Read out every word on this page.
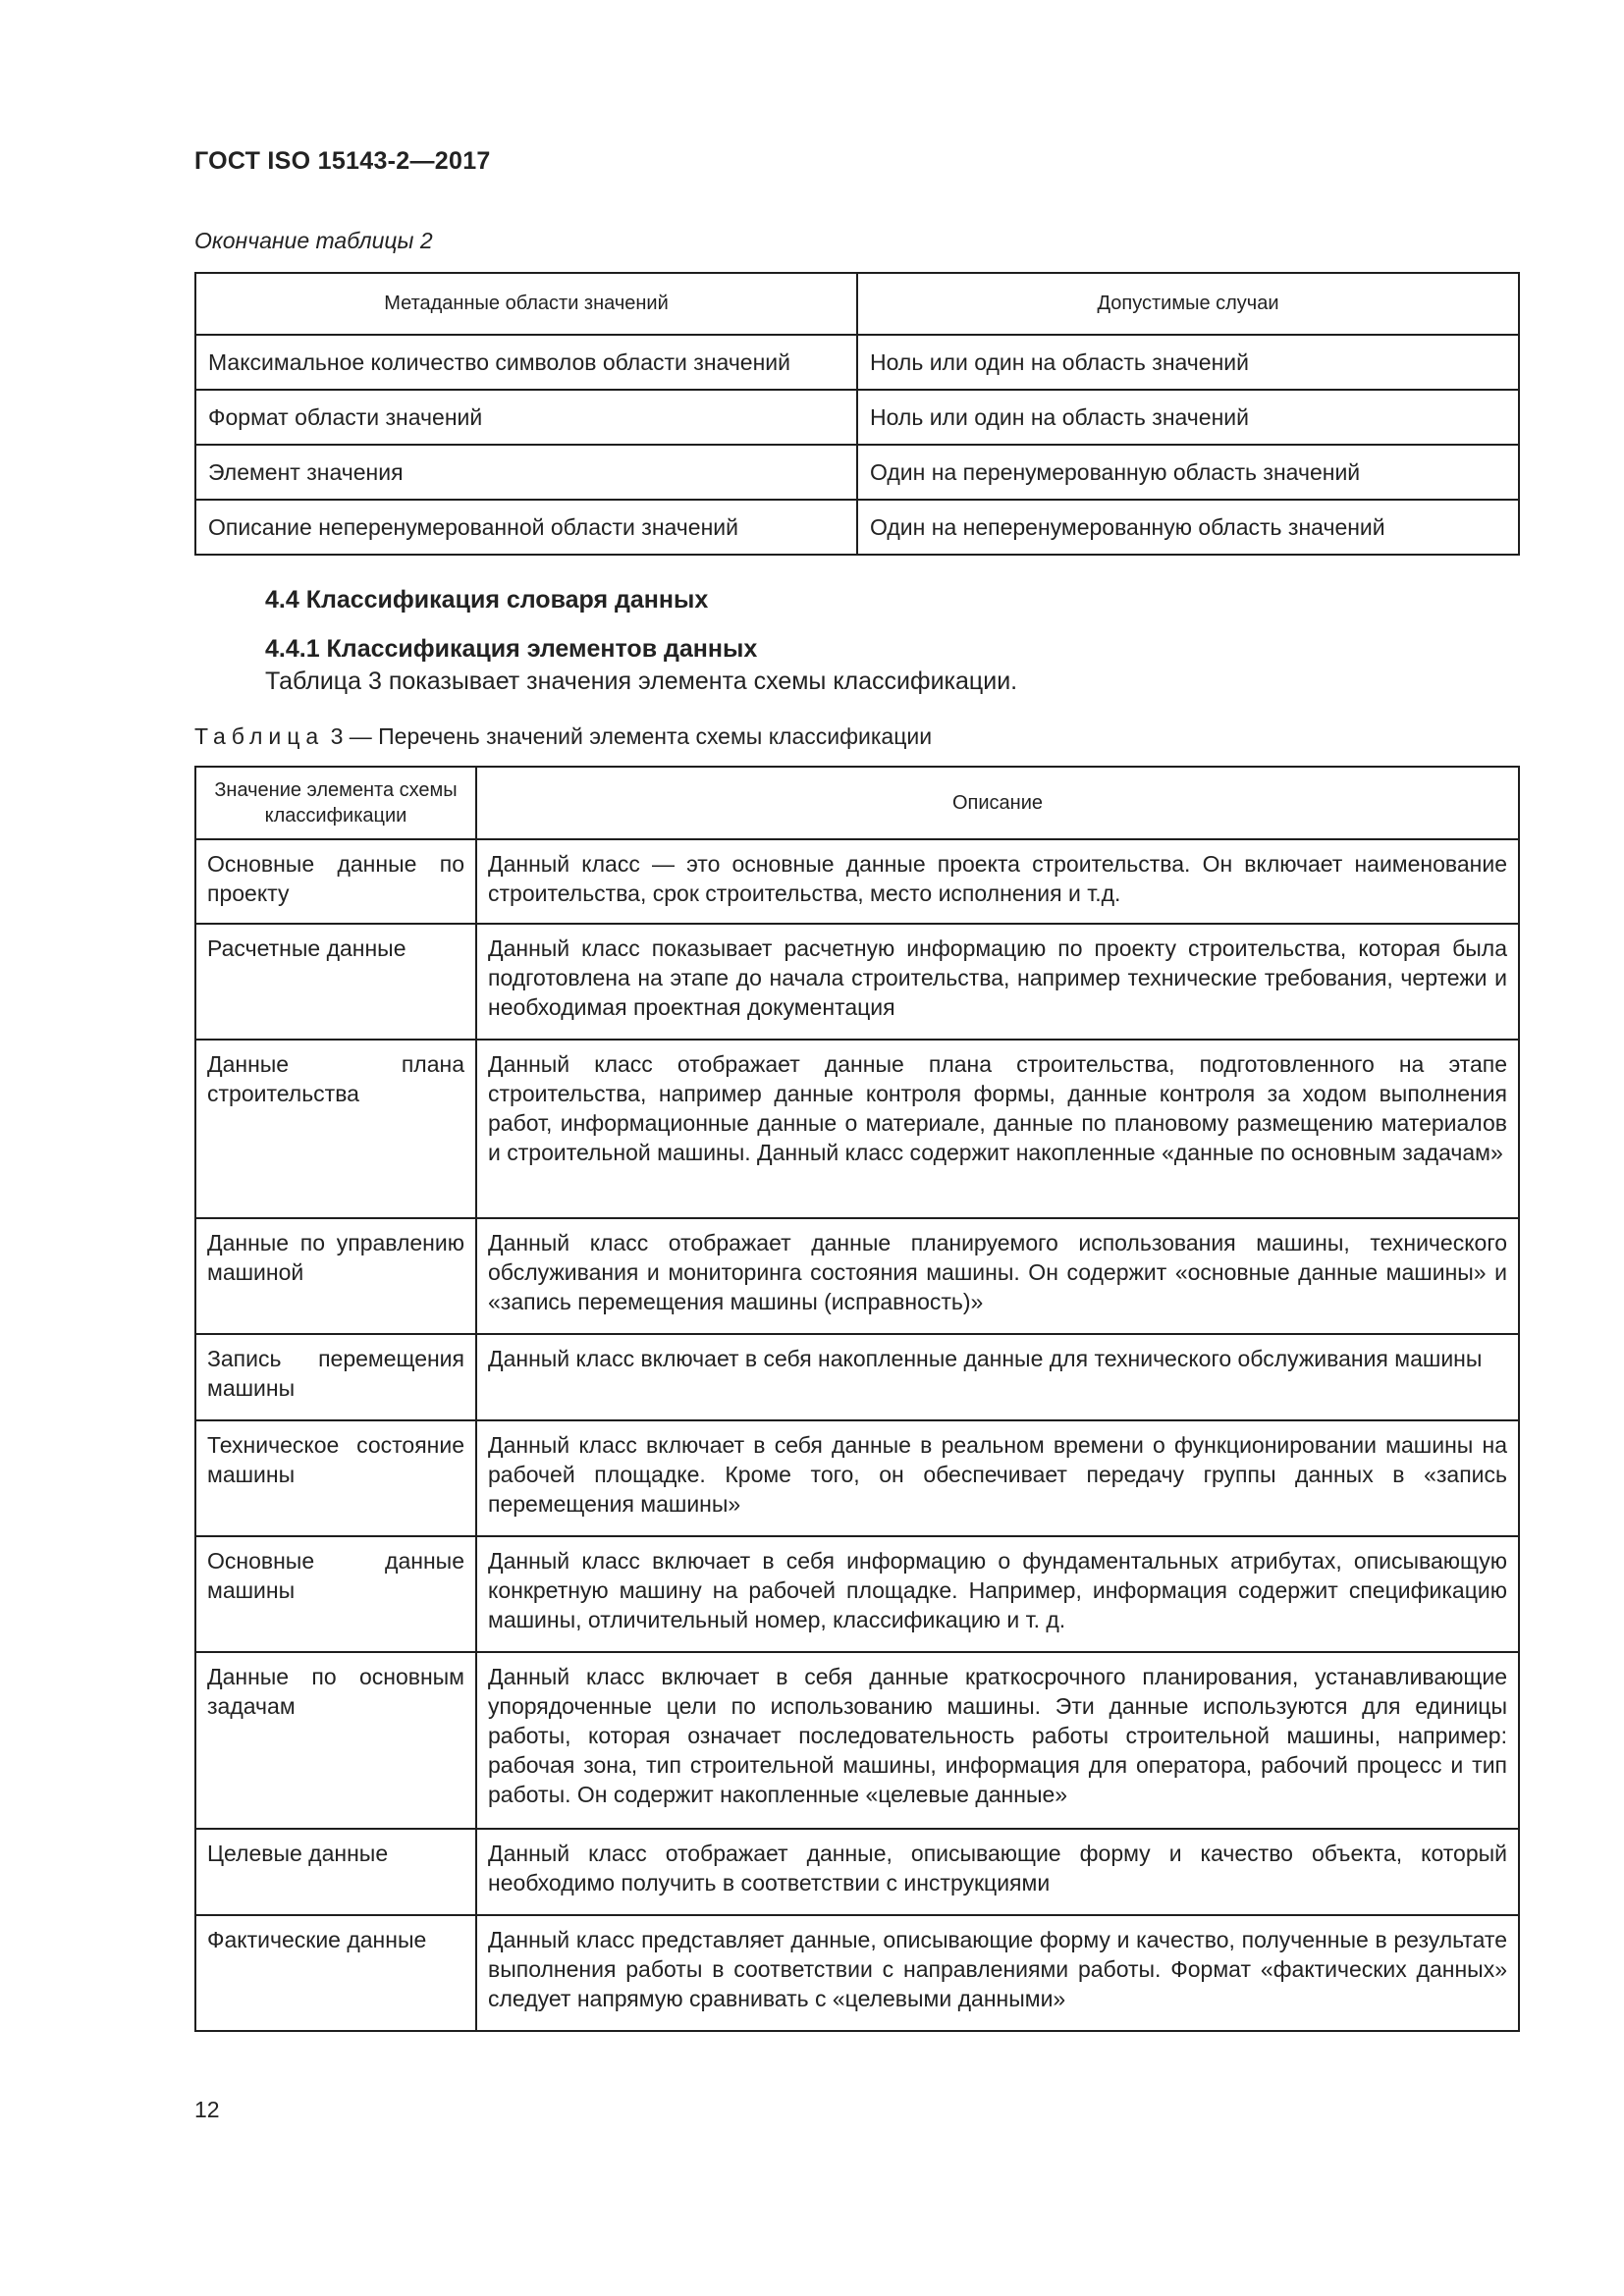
ГОСТ ISO 15143-2—2017
Окончание таблицы 2
Метаданные области значений	Допустимые случаи
Максимальное количество символов области значений	Ноль или один на область значений
Формат области значений	Ноль или один на область значений
Элемент значения	Один на перенумерованную область значений
Описание неперенумерованной области значений	Один на неперенумерованную область значений
4.4 Классификация словаря данных
4.4.1 Классификация элементов данных
Таблица 3 показывает значения элемента схемы классификации.
Таблица 3 — Перечень значений элемента схемы классификации
Значение элемента схемы классификации	Описание
Основные данные по проекту	Данный класс — это основные данные проекта строительства. Он включает наименование строительства, срок строительства, место исполнения и т.д.
Расчетные данные	Данный класс показывает расчетную информацию по проекту строительства, которая была подготовлена на этапе до начала строительства, например технические требования, чертежи и необходимая проектная документация
Данные плана строительства	Данный класс отображает данные плана строительства, подготовленного на этапе строительства, например данные контроля формы, данные контроля за ходом выполнения работ, информационные данные о материале, данные по плановому размещению материалов и строительной машины. Данный класс содержит накопленные «данные по основным задачам»
Данные по управлению машиной	Данный класс отображает данные планируемого использования машины, технического обслуживания и мониторинга состояния машины. Он содержит «основные данные машины» и «запись перемещения машины (исправность)»
Запись перемещения машины	Данный класс включает в себя накопленные данные для технического обслуживания машины
Техническое состояние машины	Данный класс включает в себя данные в реальном времени о функционировании машины на рабочей площадке. Кроме того, он обеспечивает передачу группы данных в «запись перемещения машины»
Основные данные машины	Данный класс включает в себя информацию о фундаментальных атрибутах, описывающую конкретную машину на рабочей площадке. Например, информация содержит спецификацию машины, отличительный номер, классификацию и т. д.
Данные по основным задачам	Данный класс включает в себя данные краткосрочного планирования, устанавливающие упорядоченные цели по использованию машины. Эти данные используются для единицы работы, которая означает последовательность работы строительной машины, например: рабочая зона, тип строительной машины, информация для оператора, рабочий процесс и тип работы. Он содержит накопленные «целевые данные»
Целевые данные	Данный класс отображает данные, описывающие форму и качество объекта, который необходимо получить в соответствии с инструкциями
Фактические данные	Данный класс представляет данные, описывающие форму и качество, полученные в результате выполнения работы в соответствии с направлениями работы. Формат «фактических данных» следует напрямую сравнивать с «целевыми данными»
12
